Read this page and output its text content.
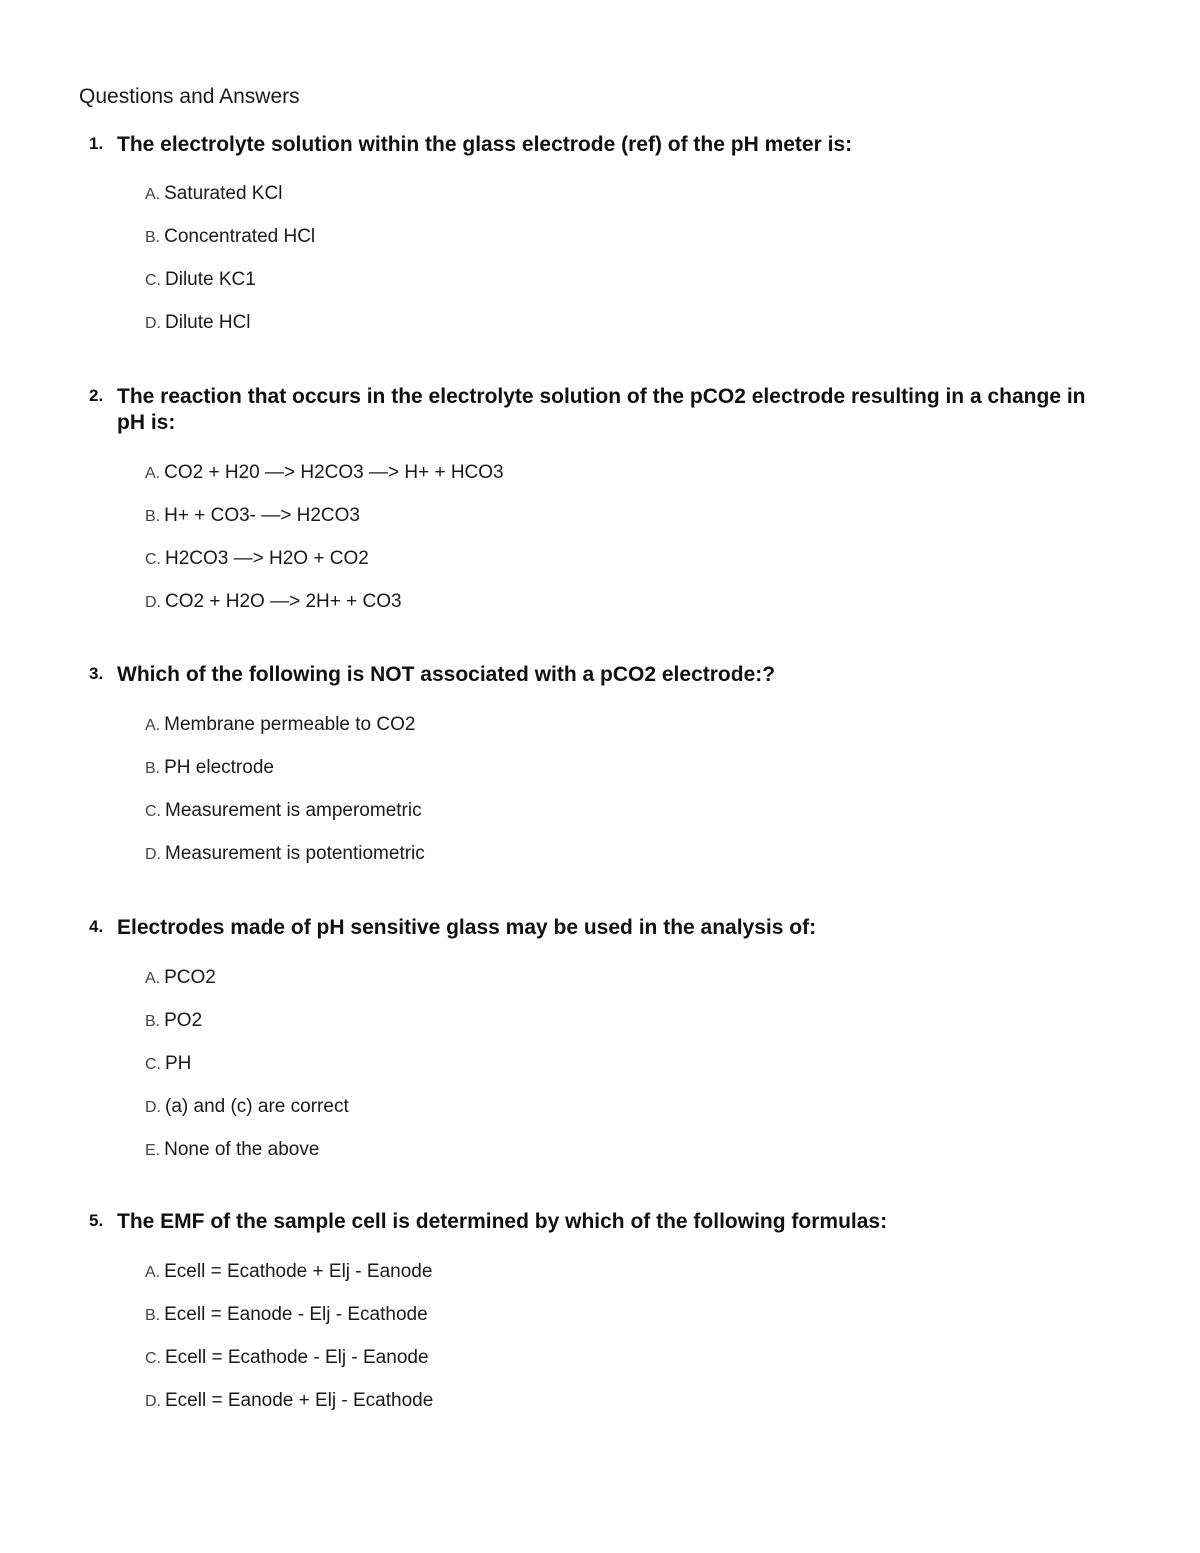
Questions and Answers
1. The electrolyte solution within the glass electrode (ref) of the pH meter is:
A. Saturated KCl
B. Concentrated HCl
C. Dilute KC1
D. Dilute HCl
2. The reaction that occurs in the electrolyte solution of the pCO2 electrode resulting in a change in pH is:
A. CO2 + H20 —> H2CO3 —> H+ + HCO3
B. H+ + CO3- —> H2CO3
C. H2CO3 —> H2O + CO2
D. CO2 + H2O —> 2H+ + CO3
3. Which of the following is NOT associated with a pCO2 electrode:?
A. Membrane permeable to CO2
B. PH electrode
C. Measurement is amperometric
D. Measurement is potentiometric
4. Electrodes made of pH sensitive glass may be used in the analysis of:
A. PCO2
B. PO2
C. PH
D. (a) and (c) are correct
E. None of the above
5. The EMF of the sample cell is determined by which of the following formulas:
A. Ecell = Ecathode + Elj - Eanode
B. Ecell = Eanode - Elj - Ecathode
C. Ecell = Ecathode - Elj - Eanode
D. Ecell = Eanode + Elj - Ecathode
